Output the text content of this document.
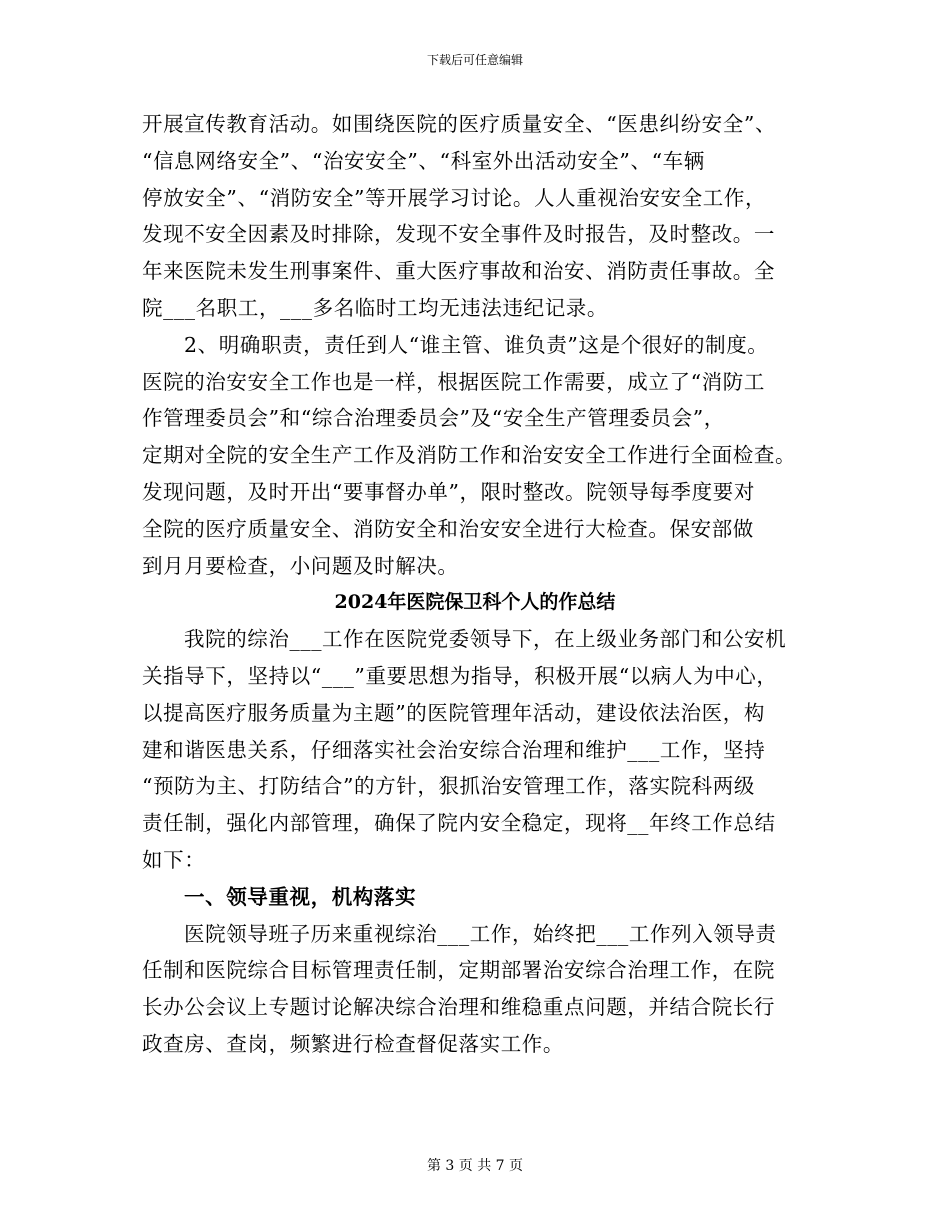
下载后可任意编辑
开展宣传教育活动。如围绕医院的医疗质量安全、“医患纠纷安全”、
“信息网络安全”、“治安安全”、“科室外出活动安全”、“车辆
停放安全”、“消防安全”等开展学习讨论。人人重视治安安全工作，
发现不安全因素及时排除，发现不安全事件及时报告，及时整改。一
年来医院未发生刑事案件、重大医疗事故和治安、消防责任事故。全
院___名职工，___多名临时工均无违法违纪记录。
2、明确职责，责任到人“谁主管、谁负责”这是个很好的制度。
医院的治安安全工作也是一样，根据医院工作需要，成立了“消防工
作管理委员会”和“综合治理委员会”及“安全生产管理委员会”，
定期对全院的安全生产工作及消防工作和治安安全工作进行全面检查。
发现问题，及时开出“要事督办单”，限时整改。院领导每季度要对
全院的医疗质量安全、消防安全和治安安全进行大检查。保安部做
到月月要检查，小问题及时解决。
2024年医院保卫科个人的作总结
我院的综治___工作在医院党委领导下，在上级业务部门和公安机
关指导下，坚持以“___”重要思想为指导，积极开展“以病人为中心，
以提高医疗服务质量为主题”的医院管理年活动，建设依法治医，构
建和谐医患关系，仔细落实社会治安综合治理和维护___工作，坚持
“预防为主、打防结合”的方针，狠抓治安管理工作，落实院科两级
责任制，强化内部管理，确保了院内安全稳定，现将__年终工作总结
如下：
一、领导重视，机构落实
医院领导班子历来重视综治___工作，始终把___工作列入领导责
任制和医院综合目标管理责任制，定期部署治安综合治理工作，在院
长办公会议上专题讨论解决综合治理和维稳重点问题，并结合院长行
政查房、查岗，频繁进行检查督促落实工作。
第 3 页 共 7 页
